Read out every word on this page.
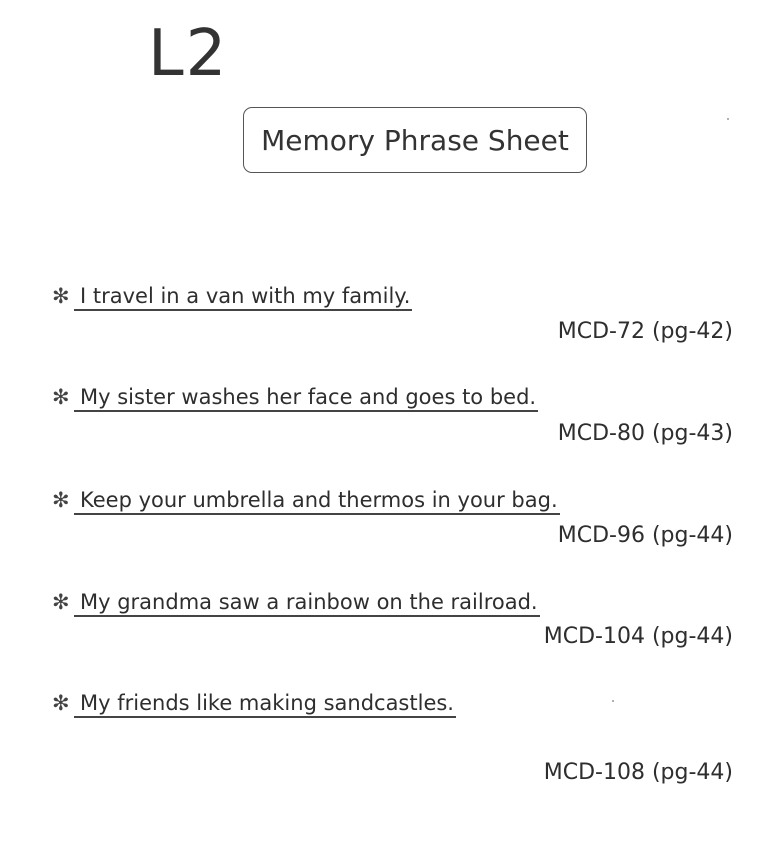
L2
Memory Phrase Sheet
✻ I travel in a van with my family.
MCD-72 (pg-42)
✻ My sister washes her face and goes to bed.
MCD-80 (pg-43)
✻ Keep your umbrella and thermos in your bag.
MCD-96 (pg-44)
✻ My grandma saw a rainbow on the railroad.
MCD-104 (pg-44)
✻ My friends like making sandcastles.
MCD-108 (pg-44)
